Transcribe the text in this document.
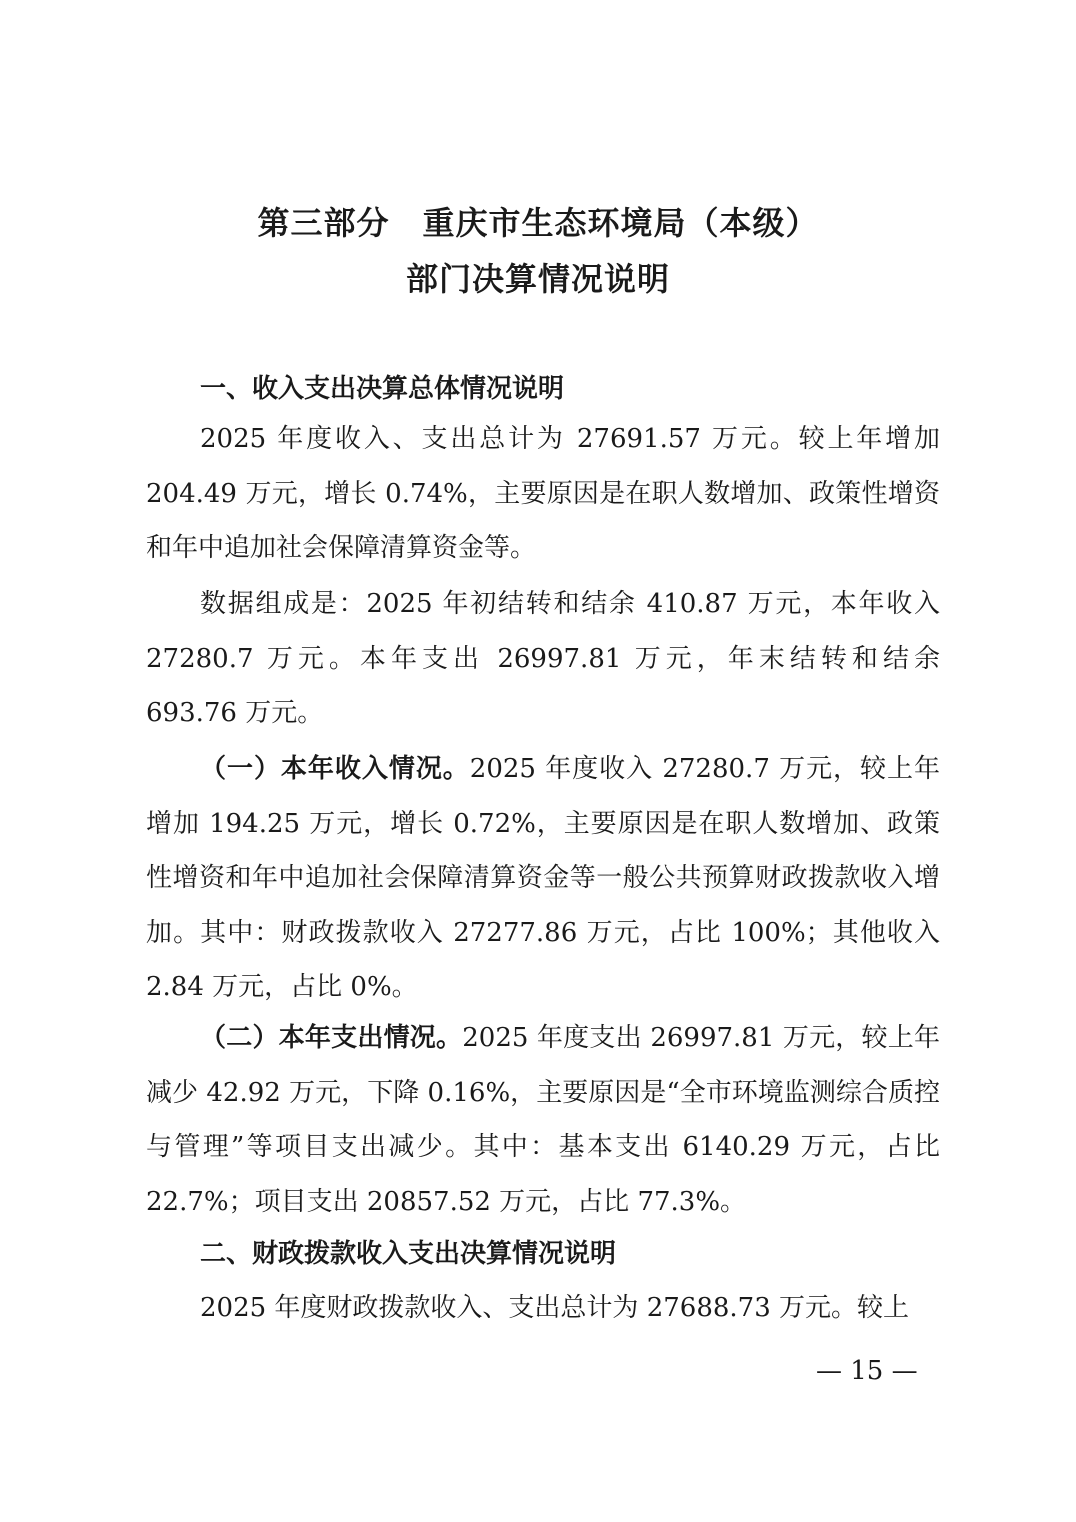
第三部分　重庆市生态环境局（本级）
部门决算情况说明
一、收入支出决算总体情况说明

2025 年度收入、支出总计为 27691.57 万元。较上年增加 204.49 万元，增长 0.74%，主要原因是在职人数增加、政策性增资和年中追加社会保障清算资金等。

数据组成是：2025 年初结转和结余 410.87 万元，本年收入 27280.7 万元。本年支出 26997.81 万元，年末结转和结余 693.76 万元。

（一）本年收入情况。2025 年度收入 27280.7 万元，较上年增加 194.25 万元，增长 0.72%，主要原因是在职人数增加、政策性增资和年中追加社会保障清算资金等一般公共预算财政拨款收入增加。其中：财政拨款收入 27277.86 万元，占比 100%；其他收入 2.84 万元，占比 0%。

（二）本年支出情况。2025 年度支出 26997.81 万元，较上年减少 42.92 万元，下降 0.16%，主要原因是“全市环境监测综合质控与管理”等项目支出减少。其中：基本支出 6140.29 万元，占比 22.7%；项目支出 20857.52 万元，占比 77.3%。

二、财政拨款收入支出决算情况说明

2025 年度财政拨款收入、支出总计为 27688.73 万元。较上

— 15 —
